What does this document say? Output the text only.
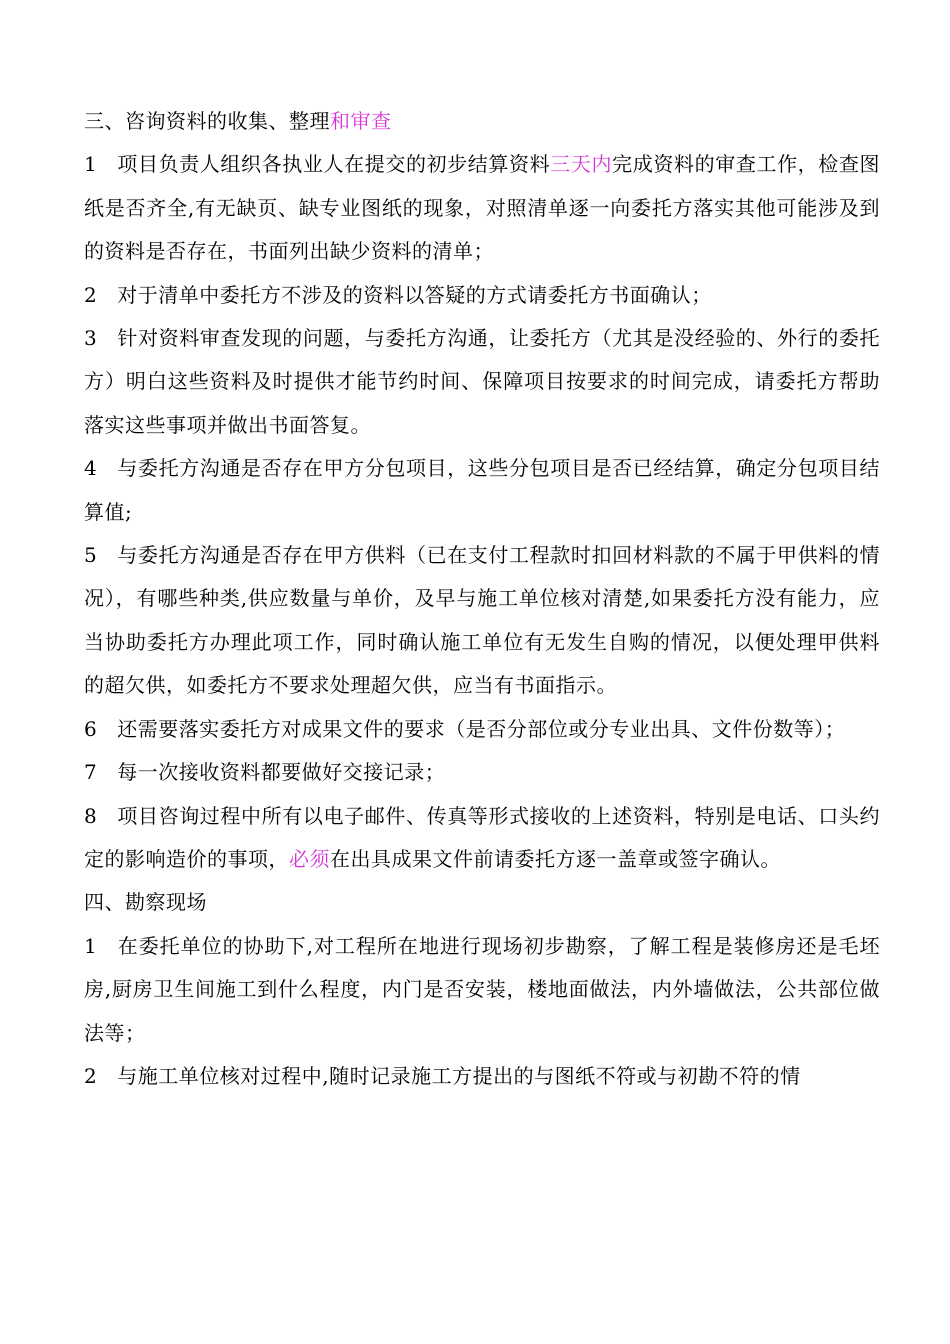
三、咨询资料的收集、整理和审查

1 项目负责人组织各执业人在提交的初步结算资料三天内完成资料的审查工作，检查图纸是否齐全,有无缺页、缺专业图纸的现象，对照清单逐一向委托方落实其他可能涉及到的资料是否存在，书面列出缺少资料的清单；

2 对于清单中委托方不涉及的资料以答疑的方式请委托方书面确认；

3 针对资料审查发现的问题，与委托方沟通，让委托方（尤其是没经验的、外行的委托方）明白这些资料及时提供才能节约时间、保障项目按要求的时间完成，请委托方帮助落实这些事项并做出书面答复。

4 与委托方沟通是否存在甲方分包项目，这些分包项目是否已经结算，确定分包项目结算值;

5 与委托方沟通是否存在甲方供料（已在支付工程款时扣回材料款的不属于甲供料的情况），有哪些种类,供应数量与单价，及早与施工单位核对清楚,如果委托方没有能力，应当协助委托方办理此项工作，同时确认施工单位有无发生自购的情况，以便处理甲供料的超欠供，如委托方不要求处理超欠供，应当有书面指示。

6 还需要落实委托方对成果文件的要求（是否分部位或分专业出具、文件份数等）；

7 每一次接收资料都要做好交接记录；

8 项目咨询过程中所有以电子邮件、传真等形式接收的上述资料，特别是电话、口头约定的影响造价的事项，必须在出具成果文件前请委托方逐一盖章或签字确认。

四、勘察现场

1 在委托单位的协助下,对工程所在地进行现场初步勘察，了解工程是装修房还是毛坯房,厨房卫生间施工到什么程度，内门是否安装，楼地面做法，内外墙做法，公共部位做法等；

2 与施工单位核对过程中,随时记录施工方提出的与图纸不符或与初勘不符的情
